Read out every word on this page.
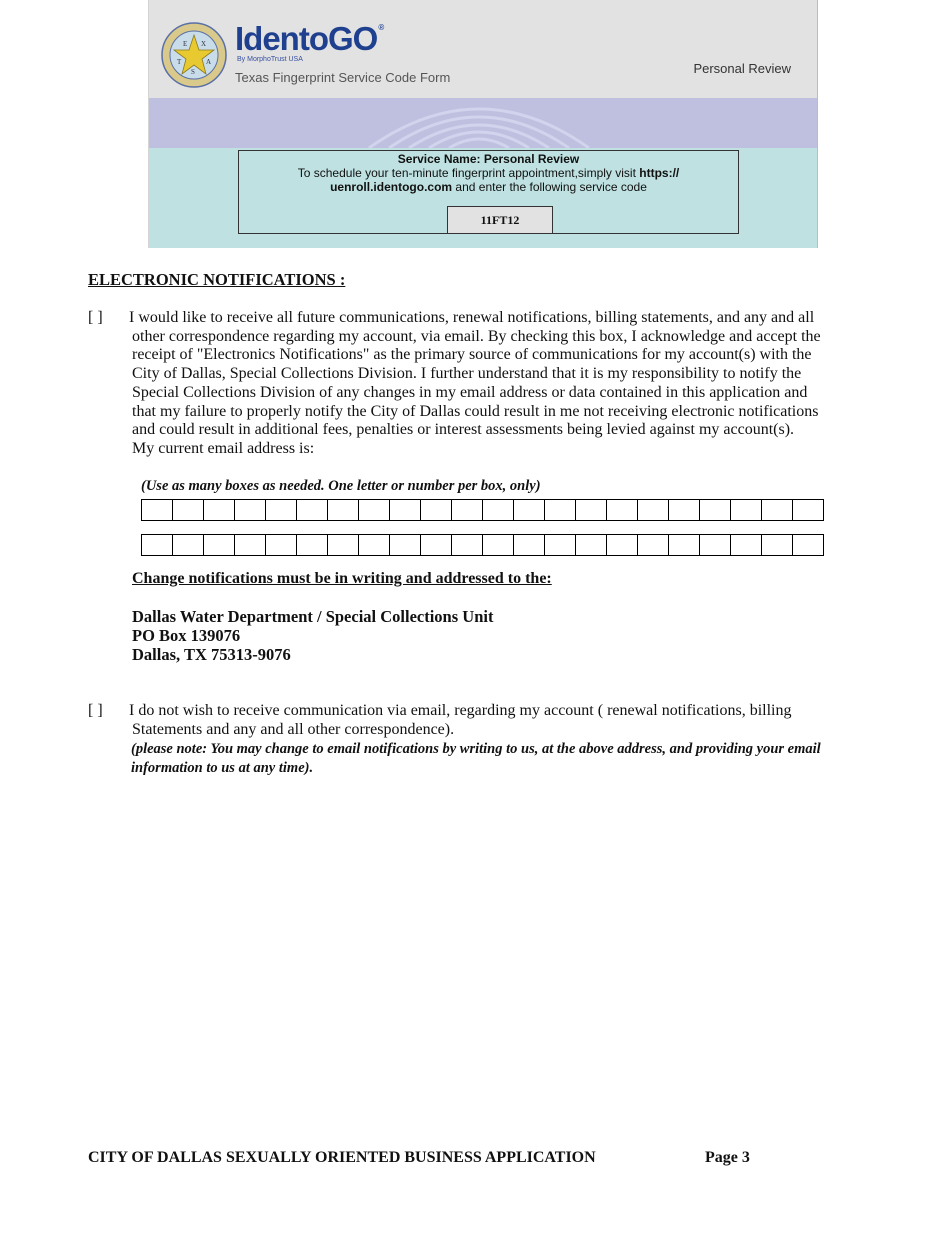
E X
T	A
S
IdentoGO®
By MorphoTrust USA
Texas Fingerprint Service Code Form
Personal Review
Service Name: Personal Review
To schedule your ten-minute fingerprint appointment,simply visit https://
uenroll.identogo.com and enter the following service code
11FT12
ELECTRONIC NOTIFICATIONS :
[ ] I would like to receive all future communications, renewal notifications, billing statements, and any and all
other correspondence regarding my account, via email. By checking this box, I acknowledge and accept the
receipt of "Electronics Notifications" as the primary source of communications for my account(s) with the
City of Dallas, Special Collections Division. I further understand that it is my responsibility to notify the
Special Collections Division of any changes in my email address or data contained in this application and
that my failure to properly notify the City of Dallas could result in me not receiving electronic notifications
and could result in additional fees, penalties or interest assessments being levied against my account(s).
My current email address is:
(Use as many boxes as needed. One letter or number per box, only)
Change notifications must be in writing and addressed to the:
Dallas Water Department / Special Collections Unit
PO Box 139076
Dallas, TX 75313-9076
[ ] I do not wish to receive communication via email, regarding my account ( renewal notifications, billing
Statements and any and all other correspondence).
(please note: You may change to email notifications by writing to us, at the above address, and providing your email information to us at any time).
CITY OF DALLAS SEXUALLY ORIENTED BUSINESS APPLICATION	Page 3
